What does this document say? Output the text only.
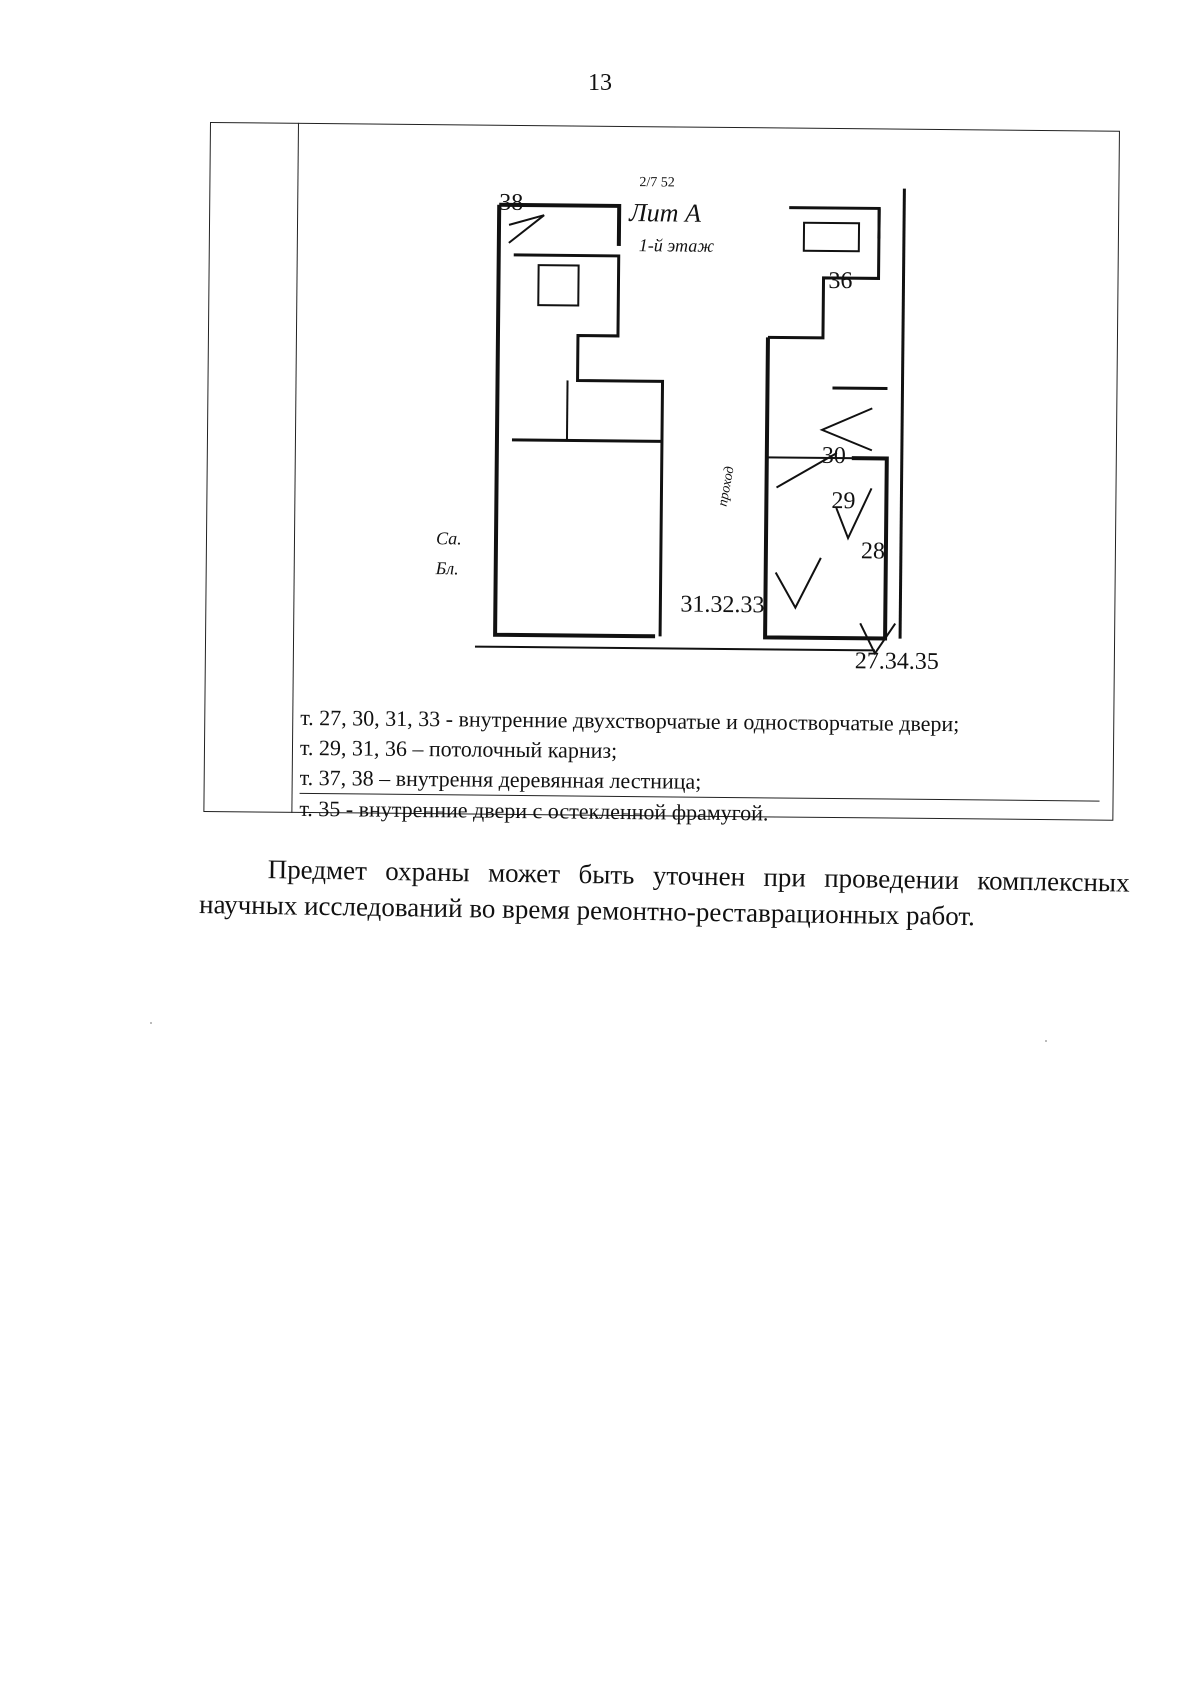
13
2/7 52
Лит А
1-й этаж
Са.
Бл.
проход
38
36
30
29
28
31.32.33
27.34.35
т. 27, 30, 31, 33 - внутренние двухстворчатые и одностворчатые двери;
т. 29, 31, 36 – потолочный карниз;
т. 37, 38 – внутрення деревянная лестница;
т. 35 - внутренние двери с остекленной фрамугой.

Предмет охраны может быть уточнен при проведении комплексных научных исследований во время ремонтно-реставрационных работ.
